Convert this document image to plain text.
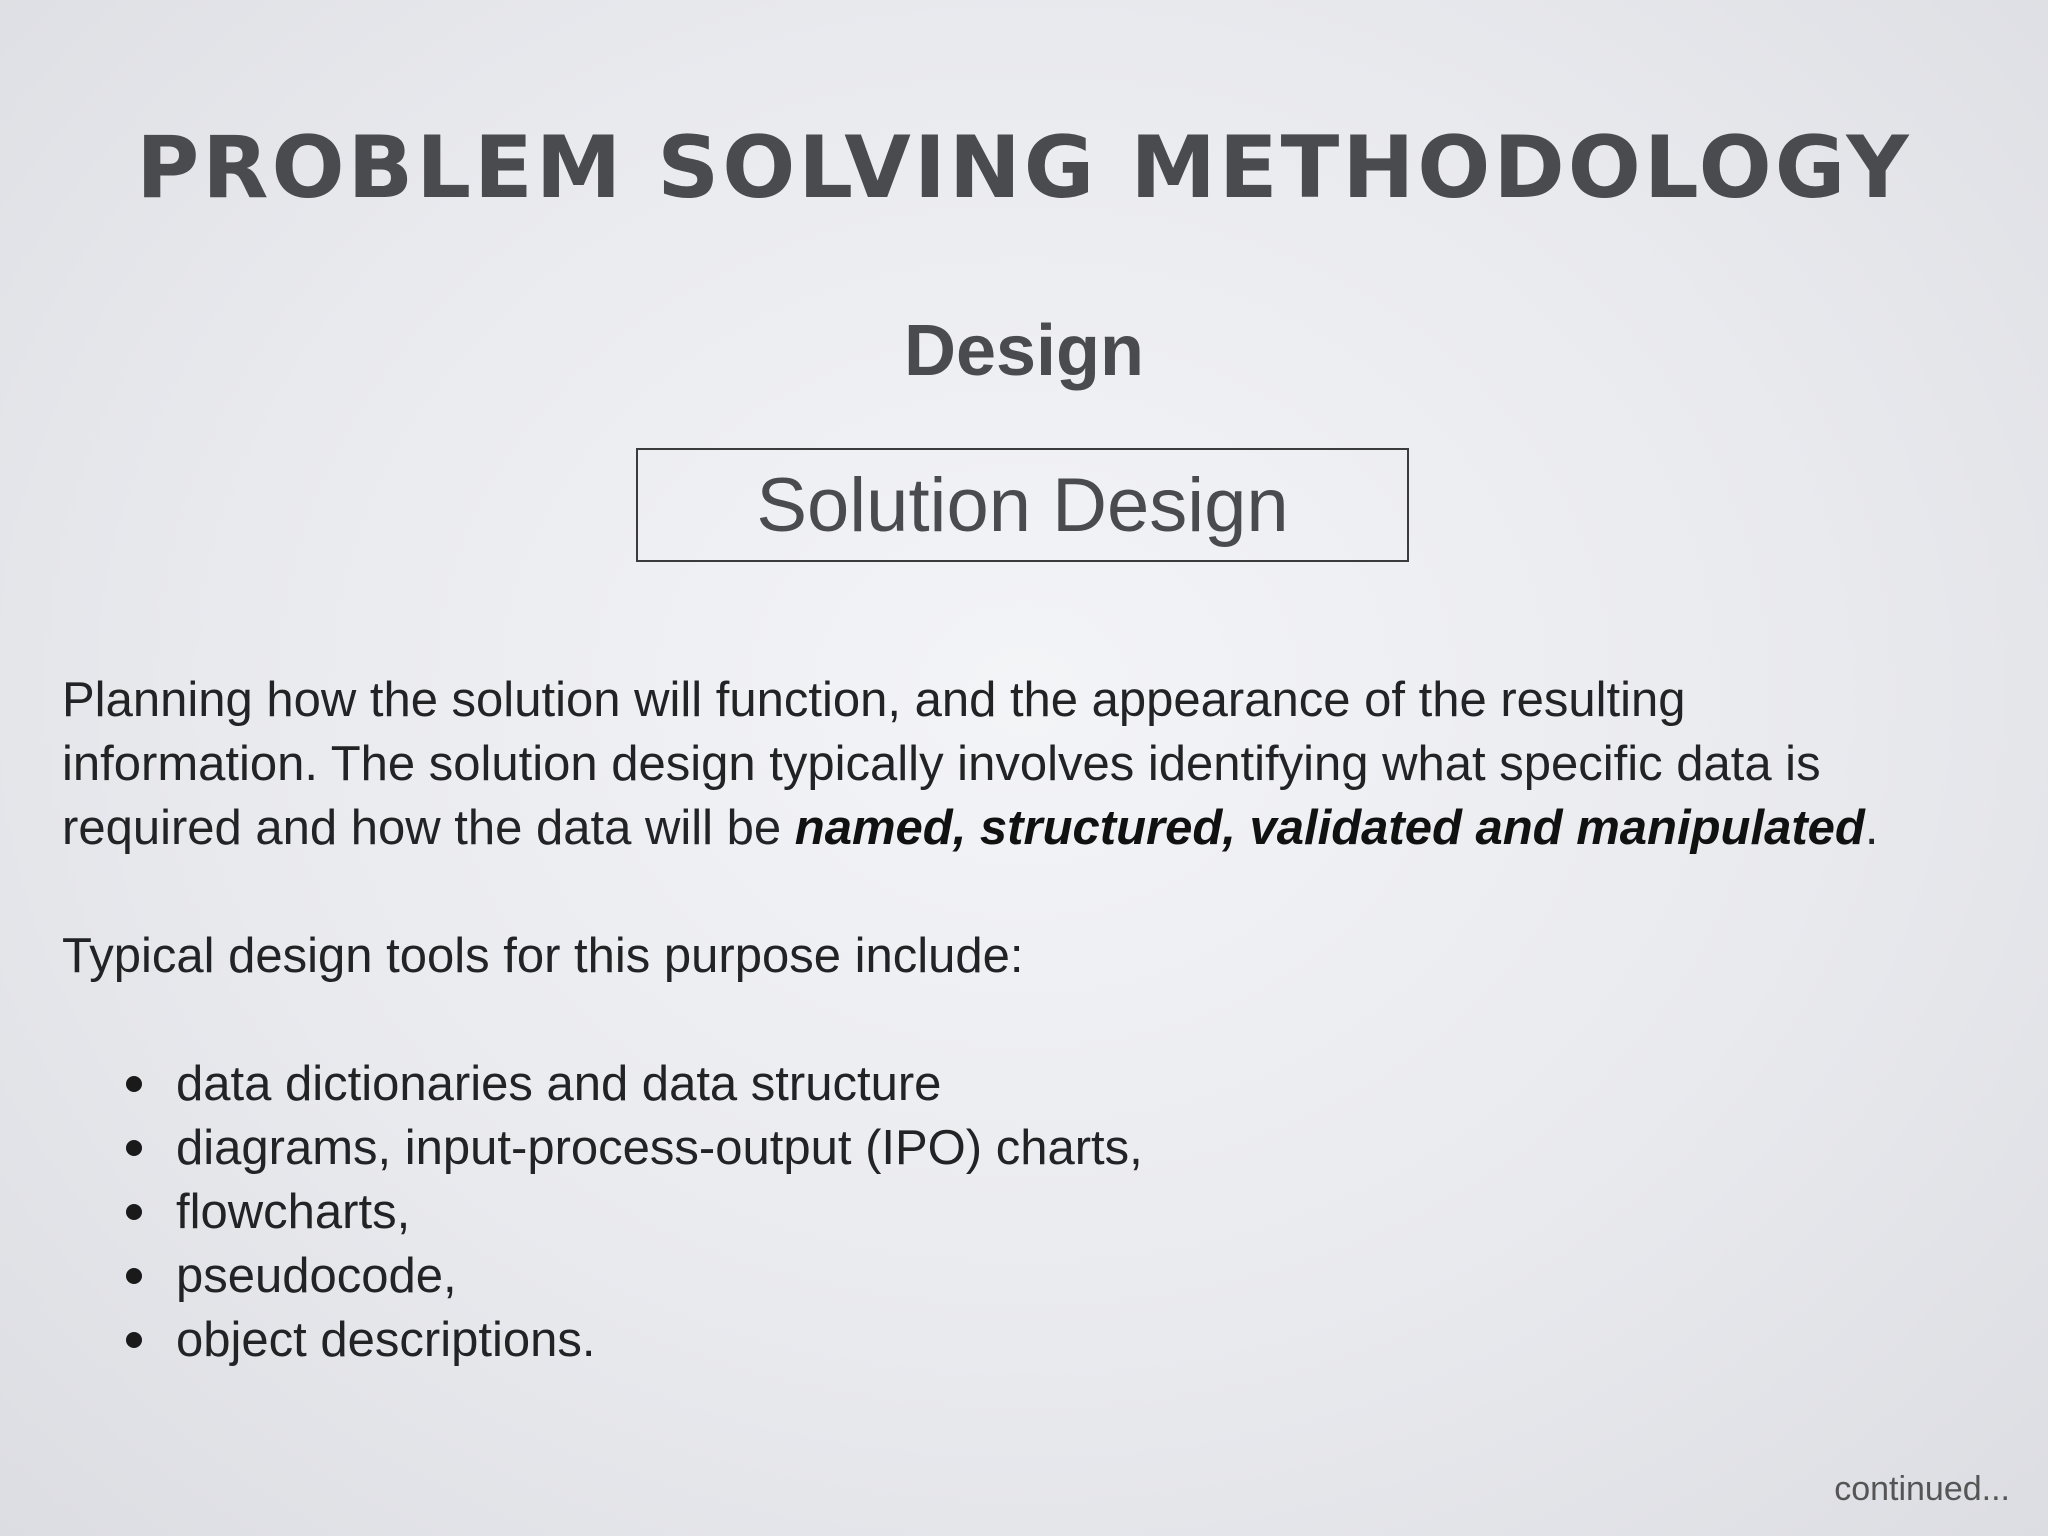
PROBLEM SOLVING METHODOLOGY
Design
Solution Design

Planning how the solution will function, and the appearance of the resulting

information. The solution design typically involves identifying what specific data is

required and how the data will be named, structured, validated and manipulated.

Typical design tools for this purpose include:
data dictionaries and data structure
diagrams, input-process-output (IPO) charts,
flowcharts,
pseudocode,
object descriptions.
continued...
